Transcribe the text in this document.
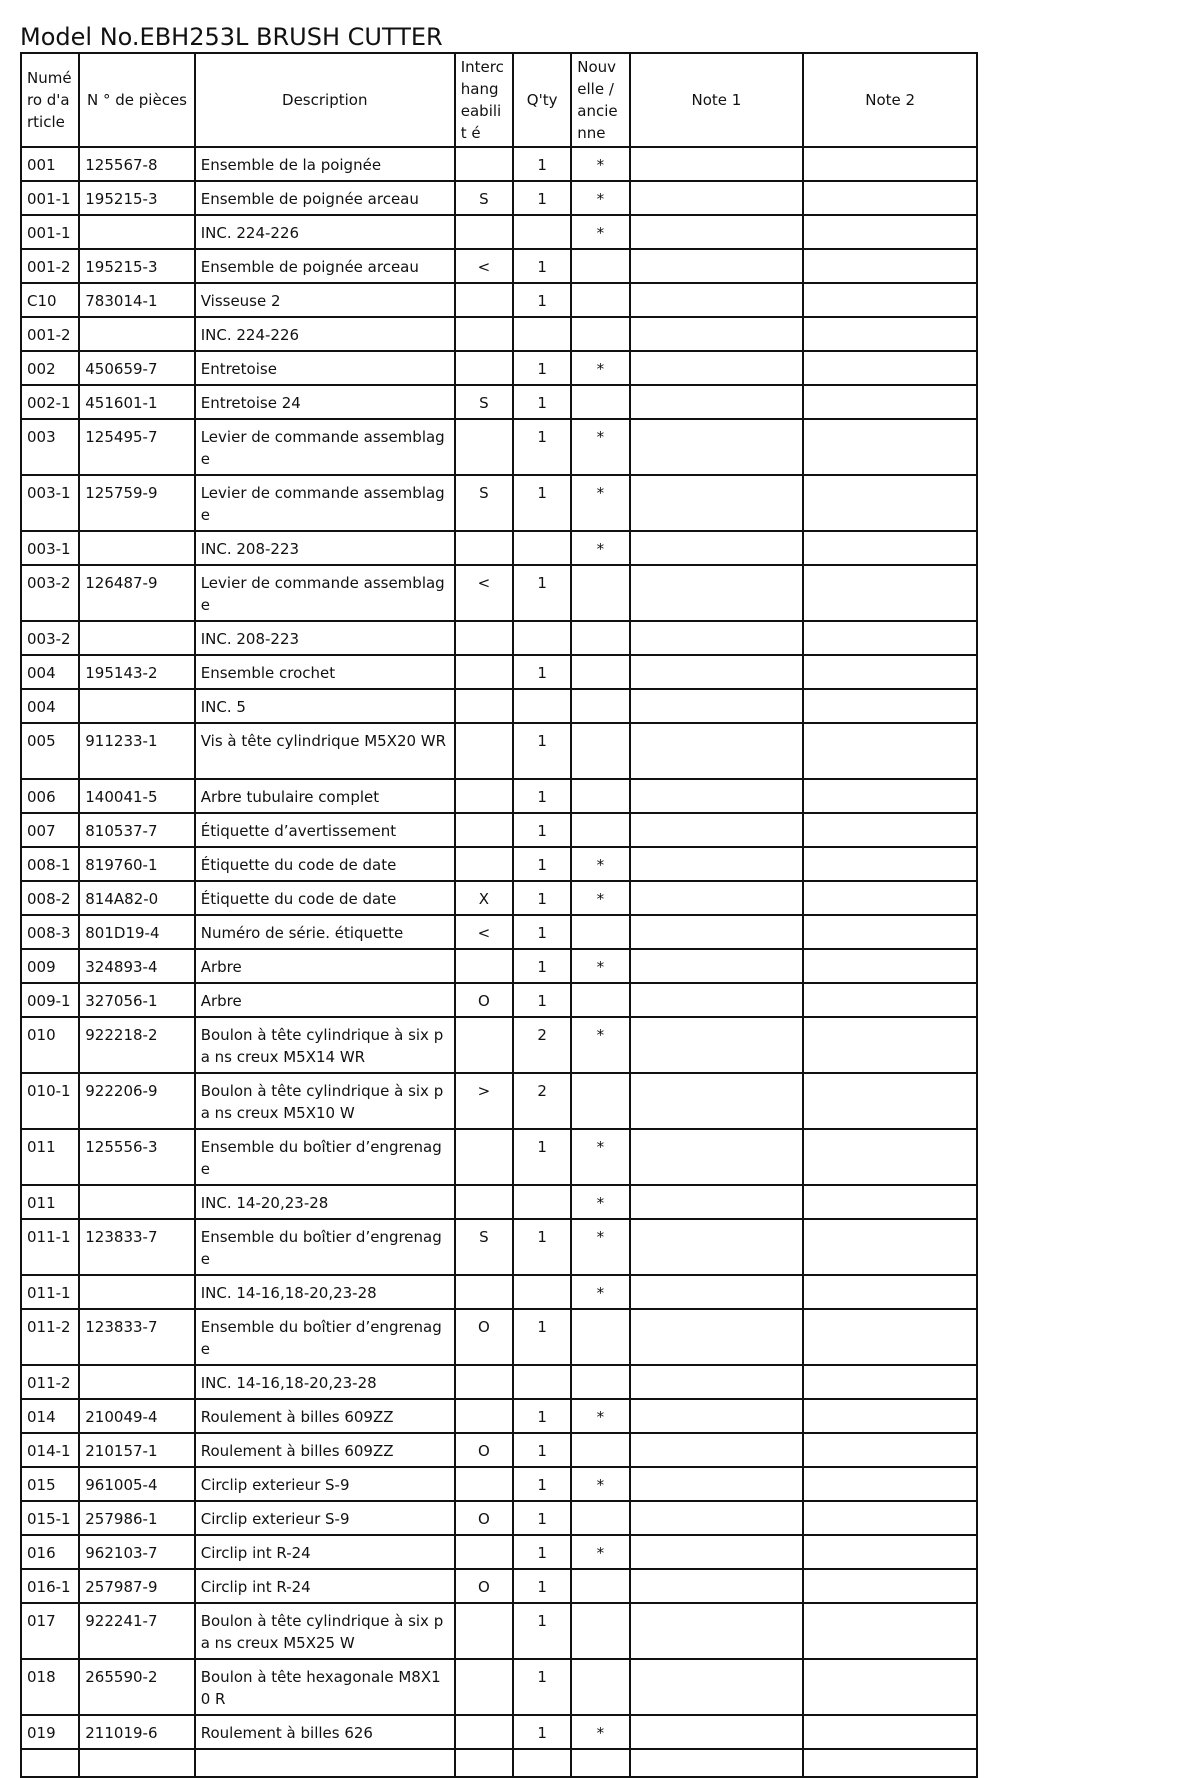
Model No.EBH253L BRUSH CUTTER
Numé ro d'a rticle	N ° de pièces	Description	Interc hang eabilit é	Q'ty	Nouv elle / ancie nne	Note 1	Note 2
001	125567-8	Ensemble de la poignée		1	*		
001-1	195215-3	Ensemble de poignée arceau	S	1	*		
001-1		INC. 224-226			*		
001-2	195215-3	Ensemble de poignée arceau	<	1			
C10	783014-1	Visseuse 2		1			
001-2		INC. 224-226					
002	450659-7	Entretoise		1	*		
002-1	451601-1	Entretoise 24	S	1			
003	125495-7	Levier de commande assemblag e		1	*		
003-1	125759-9	Levier de commande assemblag e	S	1	*		
003-1		INC. 208-223			*		
003-2	126487-9	Levier de commande assemblag e	<	1			
003-2		INC. 208-223					
004	195143-2	Ensemble crochet		1			
004		INC. 5					
005	911233-1	Vis à tête cylindrique M5X20 WR		1			
006	140041-5	Arbre tubulaire complet		1			
007	810537-7	Étiquette d’avertissement		1			
008-1	819760-1	Étiquette du code de date		1	*		
008-2	814A82-0	Étiquette du code de date	X	1	*		
008-3	801D19-4	Numéro de série. étiquette	<	1			
009	324893-4	Arbre		1	*		
009-1	327056-1	Arbre	O	1			
010	922218-2	Boulon à tête cylindrique à six pa ns creux M5X14 WR		2	*		
010-1	922206-9	Boulon à tête cylindrique à six pa ns creux M5X10 W	>	2			
011	125556-3	Ensemble du boîtier d’engrenag e		1	*		
011		INC. 14-20,23-28			*		
011-1	123833-7	Ensemble du boîtier d’engrenag e	S	1	*		
011-1		INC. 14-16,18-20,23-28			*		
011-2	123833-7	Ensemble du boîtier d’engrenag e	O	1			
011-2		INC. 14-16,18-20,23-28					
014	210049-4	Roulement à billes 609ZZ		1	*		
014-1	210157-1	Roulement à billes 609ZZ	O	1			
015	961005-4	Circlip exterieur S-9		1	*		
015-1	257986-1	Circlip exterieur S-9	O	1			
016	962103-7	Circlip int R-24		1	*		
016-1	257987-9	Circlip int R-24	O	1			
017	922241-7	Boulon à tête cylindrique à six pa ns creux M5X25 W		1			
018	265590-2	Boulon à tête hexagonale M8X10 R		1			
019	211019-6	Roulement à billes 626		1	*		
